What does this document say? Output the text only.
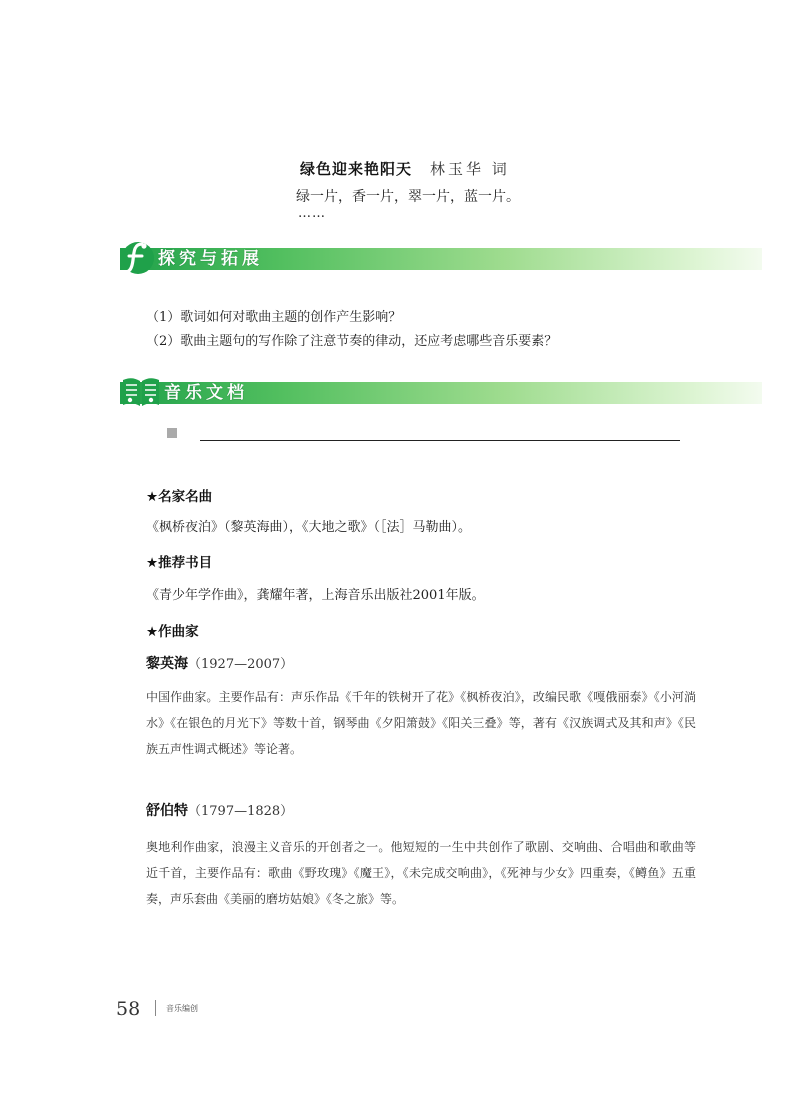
绿色迎来艳阳天 林玉华 词
绿一片，香一片，翠一片，蓝一片。
……
探究与拓展
（1）歌词如何对歌曲主题的创作产生影响？
（2）歌曲主题句的写作除了注意节奏的律动，还应考虑哪些音乐要素？
音乐文档
★名家名曲
《枫桥夜泊》（黎英海曲），《大地之歌》（［法］马勒曲）。
★推荐书目
《青少年学作曲》，龚耀年著，上海音乐出版社2001年版。
★作曲家
黎英海（1927—2007）
中国作曲家。主要作品有：声乐作品《千年的铁树开了花》《枫桥夜泊》，改编民歌《嘎俄丽泰》《小河淌水》《在银色的月光下》等数十首，钢琴曲《夕阳箫鼓》《阳关三叠》等，著有《汉族调式及其和声》《民族五声性调式概述》等论著。
舒伯特（1797—1828）
奥地利作曲家，浪漫主义音乐的开创者之一。他短短的一生中共创作了歌剧、交响曲、合唱曲和歌曲等近千首，主要作品有：歌曲《野玫瑰》《魔王》，《未完成交响曲》，《死神与少女》四重奏，《鳟鱼》五重奏，声乐套曲《美丽的磨坊姑娘》《冬之旅》等。
58	音乐编创
